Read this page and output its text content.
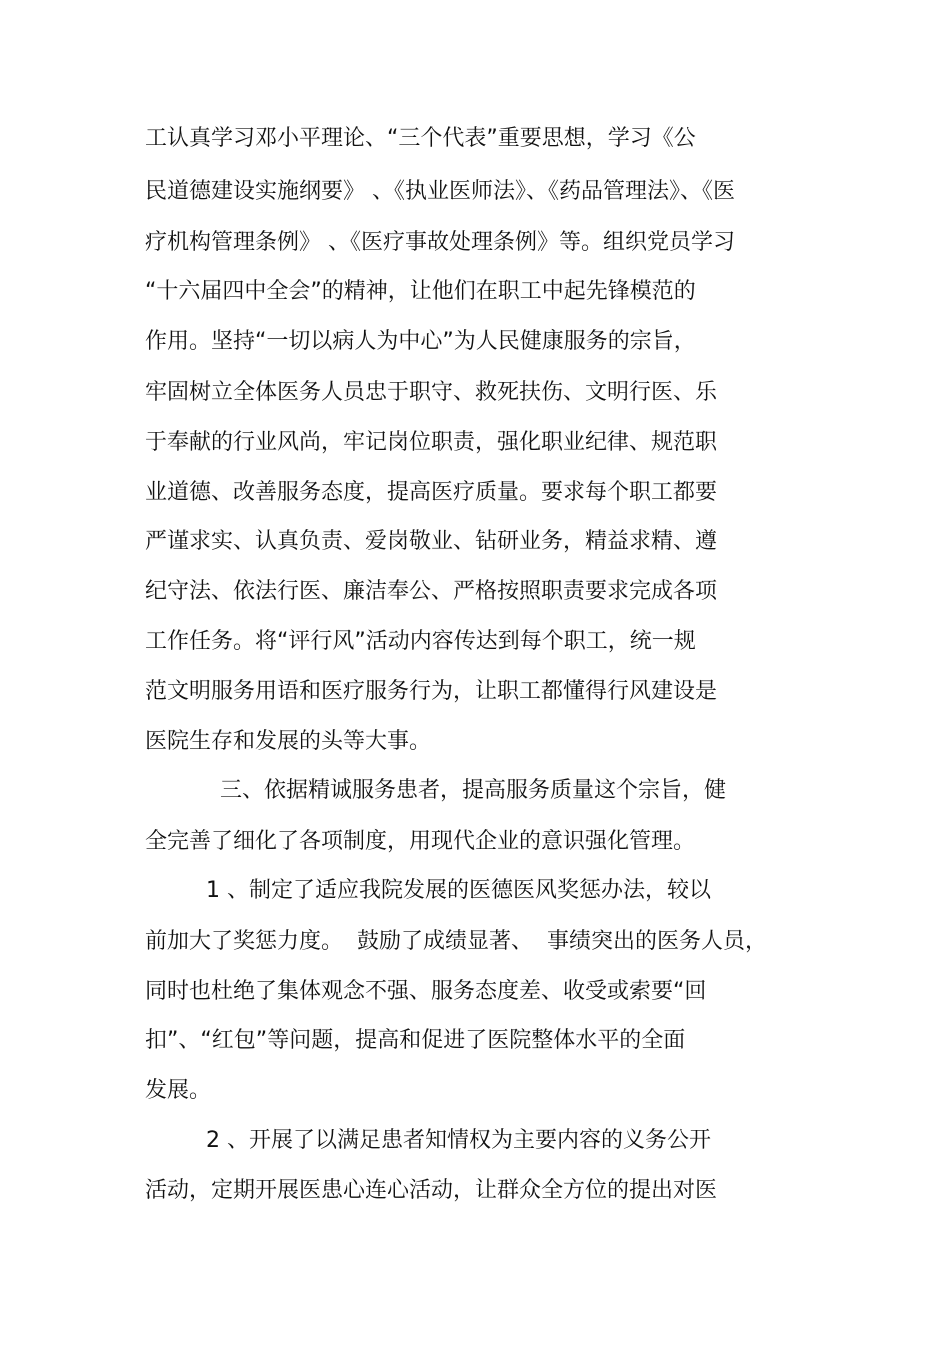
工认真学习邓小平理论、“三个代表”重要思想，学习《公
民道德建设实施纲要》 、《执业医师法》、《药品管理法》、《医
疗机构管理条例》 、《医疗事故处理条例》等。组织党员学习
“十六届四中全会”的精神，让他们在职工中起先锋模范的
作用。坚持“一切以病人为中心”为人民健康服务的宗旨，
牢固树立全体医务人员忠于职守、救死扶伤、文明行医、乐
于奉献的行业风尚，牢记岗位职责，强化职业纪律、规范职
业道德、改善服务态度，提高医疗质量。要求每个职工都要
严谨求实、认真负责、爱岗敬业、钻研业务，精益求精、遵
纪守法、依法行医、廉洁奉公、严格按照职责要求完成各项
工作任务。将“评行风”活动内容传达到每个职工，统一规
范文明服务用语和医疗服务行为，让职工都懂得行风建设是
医院生存和发展的头等大事。
三、依据精诚服务患者，提高服务质量这个宗旨，健
全完善了细化了各项制度，用现代企业的意识强化管理。
1 、制定了适应我院发展的医德医风奖惩办法，较以
前加大了奖惩力度。  鼓励了成绩显著、  事绩突出的医务人员，
同时也杜绝了集体观念不强、服务态度差、收受或索要“回
扣”、“红包”等问题，提高和促进了医院整体水平的全面
发展。
2 、开展了以满足患者知情权为主要内容的义务公开
活动，定期开展医患心连心活动，让群众全方位的提出对医
